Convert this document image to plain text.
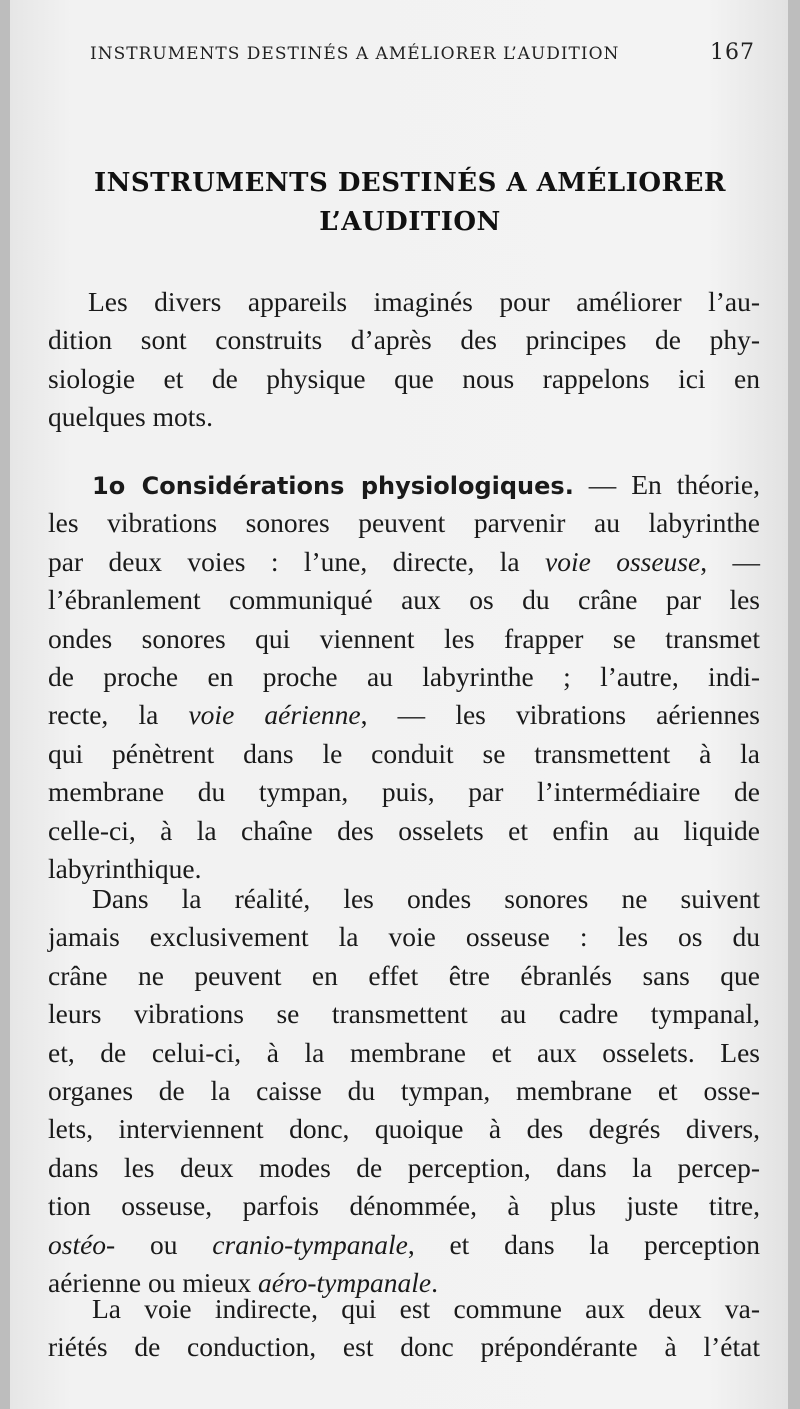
INSTRUMENTS DESTINÉS A AMÉLIORER L’AUDITION	167
INSTRUMENTS DESTINÉS A AMÉLIORER
L’AUDITION
Les divers appareils imaginés pour améliorer l’au-
dition sont construits d’après des principes de phy-
siologie et de physique que nous rappelons ici en
quelques mots.
1o Considérations physiologiques. — En théorie,
les vibrations sonores peuvent parvenir au labyrinthe
par deux voies : l’une, directe, la voie osseuse, —
l’ébranlement communiqué aux os du crâne par les
ondes sonores qui viennent les frapper se transmet
de proche en proche au labyrinthe ; l’autre, indi-
recte, la voie aérienne, — les vibrations aériennes
qui pénètrent dans le conduit se transmettent à la
membrane du tympan, puis, par l’intermédiaire de
celle-ci, à la chaîne des osselets et enfin au liquide
labyrinthique.
Dans la réalité, les ondes sonores ne suivent
jamais exclusivement la voie osseuse : les os du
crâne ne peuvent en effet être ébranlés sans que
leurs vibrations se transmettent au cadre tympanal,
et, de celui-ci, à la membrane et aux osselets. Les
organes de la caisse du tympan, membrane et osse-
lets, interviennent donc, quoique à des degrés divers,
dans les deux modes de perception, dans la percep-
tion osseuse, parfois dénommée, à plus juste titre,
ostéo- ou cranio-tympanale, et dans la perception
aérienne ou mieux aéro-tympanale.
La voie indirecte, qui est commune aux deux va-
riétés de conduction, est donc prépondérante à l’état
